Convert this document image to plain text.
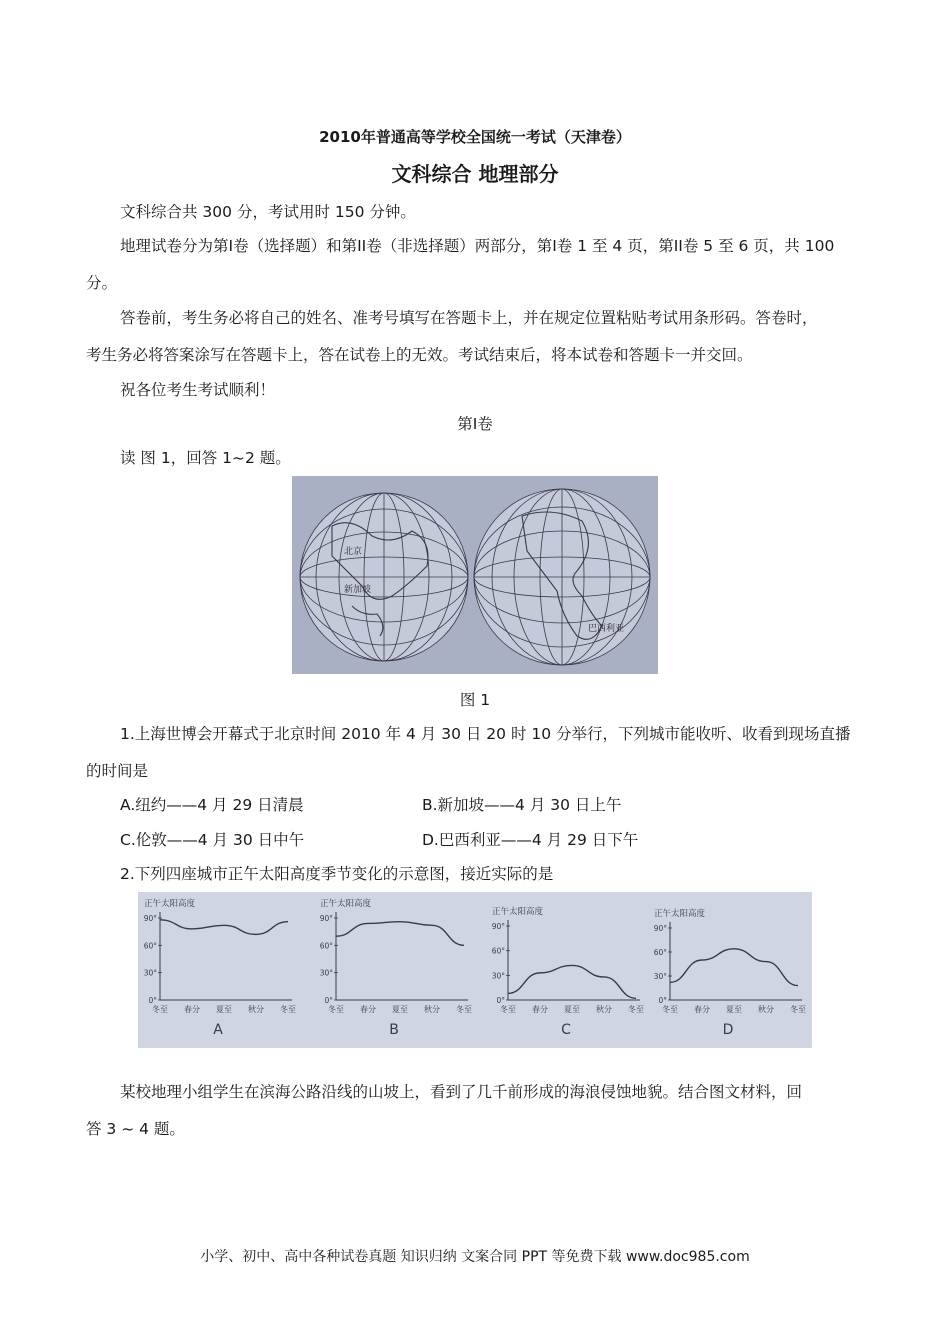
2010年普通高等学校全国统一考试（天津卷）
文科综合 地理部分
文科综合共 300 分，考试用时 150 分钟。
地理试卷分为第I卷（选择题）和第II卷（非选择题）两部分，第I卷 1 至 4 页，第II卷 5 至 6 页，共 100
分。
答卷前，考生务必将自己的姓名、准考号填写在答题卡上，并在规定位置粘贴考试用条形码。答卷时，
考生务必将答案涂写在答题卡上，答在试卷上的无效。考试结束后，将本试卷和答题卡一并交回。
祝各位考生考试顺利！
第I卷
读 图 1，回答 1~2 题。
北京
新加坡
巴西利亚
图 1
1.上海世博会开幕式于北京时间 2010 年 4 月 30 日 20 时 10 分举行，下列城市能收听、收看到现场直播
的时间是
A.纽约——4 月 29 日清晨	B.新加坡——4 月 30 日上午
C.伦敦——4 月 30 日中午	D.巴西利亚——4 月 29 日下午
2.下列四座城市正午太阳高度季节变化的示意图，接近实际的是
正午太阳高度
90°
60°
30°
0°
冬至 春分 夏至 秋分 冬至
A
正午太阳高度
90°
60°
30°
0°
冬至 春分 夏至 秋分 冬至
B
正午太阳高度
90°
60°
30°
0°
冬至 春分 夏至 秋分 冬至
C
正午太阳高度
90°
60°
30°
0°
冬至 春分 夏至 秋分 冬至
D
某校地理小组学生在滨海公路沿线的山坡上，看到了几千前形成的海浪侵蚀地貌。结合图文材料，回
答 3 ~ 4 题。
小学、初中、高中各种试卷真题 知识归纳 文案合同 PPT 等免费下载 www.doc985.com
